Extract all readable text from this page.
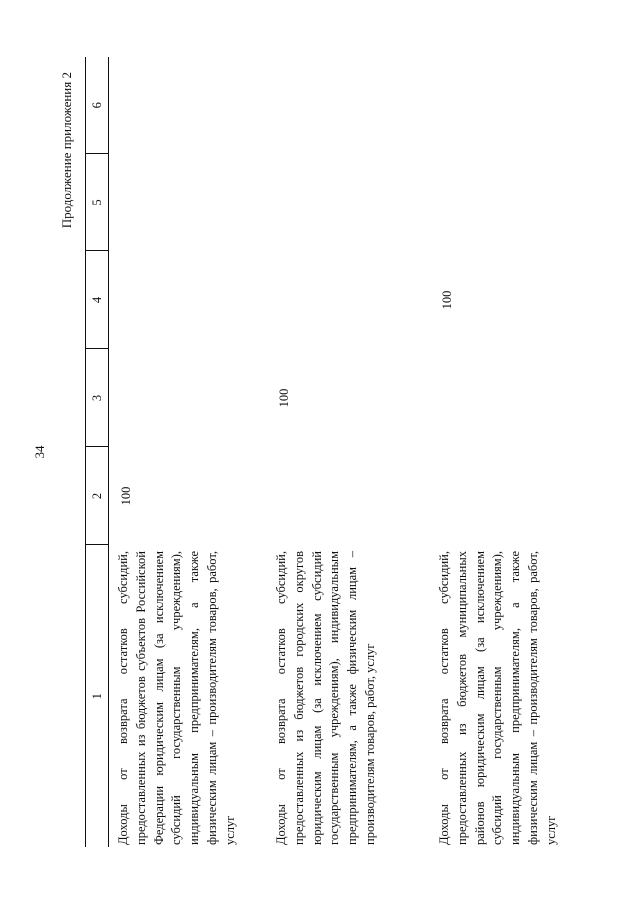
34
Продолжение приложения 2
1	2	3	4	5	6
Доходы от возврата остатков субсидий, предоставленных из бюджетов субъектов Российской Федерации юридическим лицам (за исключением субсидий государственным учреждениям), индивидуальным предпринимателям, а также физическим лицам – производителям товаров, работ, услуг	100				
Доходы от возврата остатков субсидий, предоставленных из бюджетов городских округов юридическим лицам (за исключением субсидий государственным учреждениям), индивидуальным предпринимателям, а также физическим лицам – производителям товаров, работ, услуг		100			
Доходы от возврата остатков субсидий, предоставленных из бюджетов муниципальных районов юридическим лицам (за исключением субсидий государственным учреждениям), индивидуальным предпринимателям, а также физическим лицам – производителям товаров, работ, услуг			100		
